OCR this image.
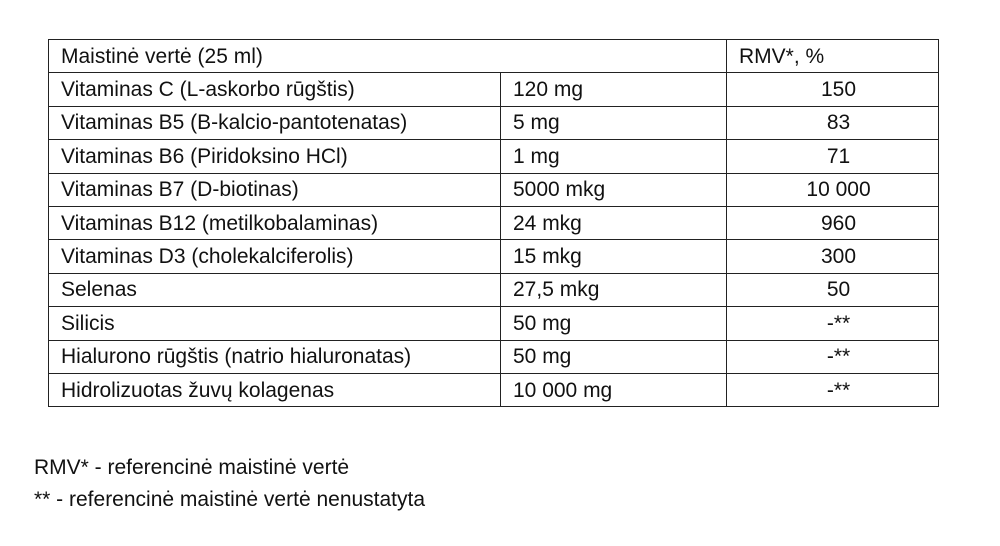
Maistinė vertė (25 ml)		RMV*, %
Vitaminas C (L-askorbo rūgštis)	120 mg	150
Vitaminas B5 (B-kalcio-pantotenatas)	5 mg	83
Vitaminas B6 (Piridoksino HCl)	1 mg	71
Vitaminas B7 (D-biotinas)	5000 mkg	10 000
Vitaminas B12 (metilkobalaminas)	24 mkg	960
Vitaminas D3 (cholekalciferolis)	15 mkg	300
Selenas	27,5 mkg	50
Silicis	50 mg	-**
Hialurono rūgštis (natrio hialuronatas)	50 mg	-**
Hidrolizuotas žuvų kolagenas	10 000 mg	-**
RMV* - referencinė maistinė vertė
** - referencinė maistinė vertė nenustatyta
